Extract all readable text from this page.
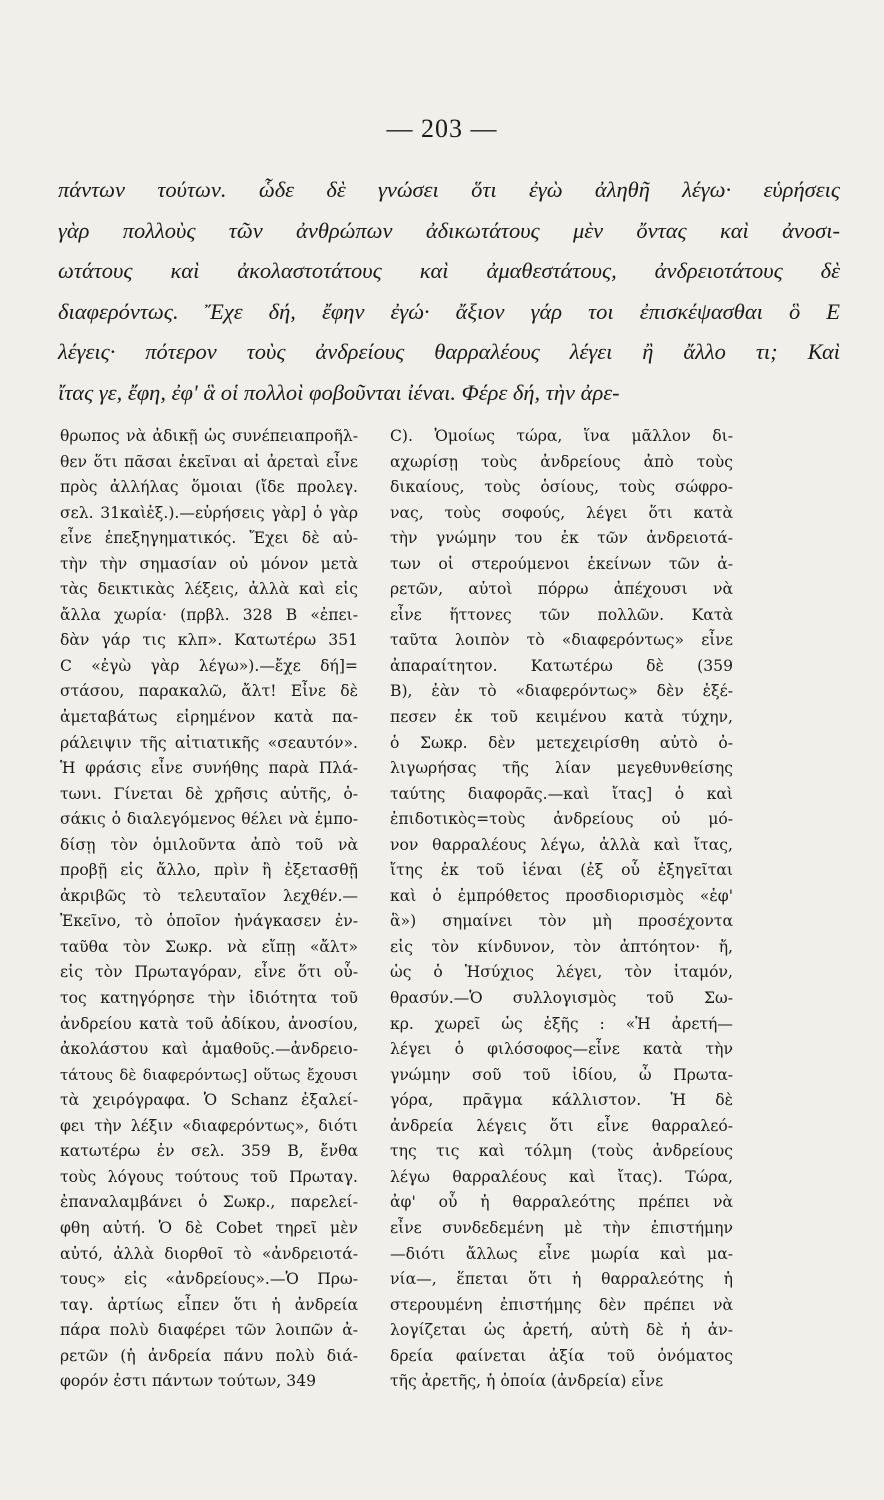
— 203 —
πάντων τούτων. ὧδε δὲ γνώσει ὅτι ἐγὼ ἀληθῆ λέγω· εὑρήσεις
γὰρ πολλοὺς τῶν ἀνθρώπων ἀδικωτάτους μὲν ὄντας καὶ ἀνοσι-
ωτάτους καὶ ἀκολαστοτάτους καὶ ἀμαθεστάτους, ἀνδρειοτάτους δὲ
διαφερόντως. Ἔχε δή, ἔφην ἐγώ· ἄξιον γάρ τοι ἐπισκέψασθαι ὃ E
λέγεις· πότερον τοὺς ἀνδρείους θαρραλέους λέγει ἢ ἄλλο τι; Καὶ
ἴτας γε, ἔφη, ἐφ' ἃ οἱ πολλοὶ φοβοῦνται ἰέναι. Φέρε δή, τὴν ἀρε-
θρωπος νὰ ἀδικῇ ὡς συνέπειαπροῆλ-
θεν ὅτι πᾶσαι ἐκεῖναι αἱ ἀρεταὶ εἶνε
πρὸς ἀλλήλας ὅμοιαι (ἴδε προλεγ.
σελ. 31καὶἑξ.).—εὑρήσεις γὰρ] ὁ γὰρ
εἶνε ἐπεξηγηματικός. Ἔχει δὲ αὐ-
τὴν τὴν σημασίαν οὐ μόνον μετὰ
τὰς δεικτικὰς λέξεις, ἀλλὰ καὶ εἰς
ἄλλα χωρία· (πρβλ. 328 B «ἐπει-
δὰν γάρ τις κλπ». Κατωτέρω 351
C «ἐγὼ γὰρ λέγω»).—ἔχε δή]=
στάσου, παρακαλῶ, ἄλτ! Εἶνε δὲ
ἀμεταβάτως εἰρημένον κατὰ πα-
ράλειψιν τῆς αἰτιατικῆς «σεαυτόν».
Ἡ φράσις εἶνε συνήθης παρὰ Πλά-
τωνι. Γίνεται δὲ χρῆσις αὐτῆς, ὁ-
σάκις ὁ διαλεγόμενος θέλει νὰ ἐμπο-
δίσῃ τὸν ὁμιλοῦντα ἀπὸ τοῦ νὰ
προβῇ εἰς ἄλλο, πρὶν ἢ ἐξετασθῇ
ἀκριβῶς τὸ τελευταῖον λεχθέν.—
Ἐκεῖνο, τὸ ὁποῖον ἠνάγκασεν ἐν-
ταῦθα τὸν Σωκρ. νὰ εἴπῃ «ἄλτ»
εἰς τὸν Πρωταγόραν, εἶνε ὅτι οὗ-
τος κατηγόρησε τὴν ἰδιότητα τοῦ
ἀνδρείου κατὰ τοῦ ἀδίκου, ἀνοσίου,
ἀκολάστου καὶ ἀμαθοῦς.—ἀνδρειο-
τάτους δὲ διαφερόντως] οὕτως ἔχουσι
τὰ χειρόγραφα. Ὁ Schanz ἐξαλεί-
φει τὴν λέξιν «διαφερόντως», διότι
κατωτέρω ἐν σελ. 359 B, ἔνθα
τοὺς λόγους τούτους τοῦ Πρωταγ.
ἐπαναλαμβάνει ὁ Σωκρ., παρελεί-
φθη αὐτή. Ὁ δὲ Cobet τηρεῖ μὲν
αὐτό, ἀλλὰ διορθοῖ τὸ «ἀνδρειοτά-
τους» εἰς «ἀνδρείους».—Ὁ Πρω-
ταγ. ἀρτίως εἶπεν ὅτι ἡ ἀνδρεία
πάρα πολὺ διαφέρει τῶν λοιπῶν ἀ-
ρετῶν (ἡ ἀνδρεία πάνυ πολὺ διά-
φορόν ἐστι πάντων τούτων, 349
C). Ὁμοίως τώρα, ἵνα μᾶλλον δι-
αχωρίσῃ τοὺς ἀνδρείους ἀπὸ τοὺς
δικαίους, τοὺς ὁσίους, τοὺς σώφρο-
νας, τοὺς σοφούς, λέγει ὅτι κατὰ
τὴν γνώμην του ἐκ τῶν ἀνδρειοτά-
των οἱ στερούμενοι ἐκείνων τῶν ἀ-
ρετῶν, αὐτοὶ πόρρω ἀπέχουσι νὰ
εἶνε ἥττονες τῶν πολλῶν. Κατὰ
ταῦτα λοιπὸν τὸ «διαφερόντως» εἶνε
ἀπαραίτητον. Κατωτέρω δὲ (359
B), ἐὰν τὸ «διαφερόντως» δὲν ἐξέ-
πεσεν ἐκ τοῦ κειμένου κατὰ τύχην,
ὁ Σωκρ. δὲν μετεχειρίσθη αὐτὸ ὀ-
λιγωρήσας τῆς λίαν μεγεθυνθείσης
ταύτης διαφορᾶς.—καὶ ἴτας] ὁ καὶ
ἐπιδοτικὸς=τοὺς ἀνδρείους οὐ μό-
νον θαρραλέους λέγω, ἀλλὰ καὶ ἴτας,
ἴτης ἐκ τοῦ ἰέναι (ἐξ οὗ ἐξηγεῖται
καὶ ὁ ἐμπρόθετος προσδιορισμὸς «ἐφ'
ἃ») σημαίνει τὸν μὴ προσέχοντα
εἰς τὸν κίνδυνον, τὸν ἀπτόητον· ἤ,
ὡς ὁ Ἡσύχιος λέγει, τὸν ἰταμόν,
θρασύν.—Ὁ συλλογισμὸς τοῦ Σω-
κρ. χωρεῖ ὡς ἑξῆς : «Ἡ ἀρετή—
λέγει ὁ φιλόσοφος—εἶνε κατὰ τὴν
γνώμην σοῦ τοῦ ἰδίου, ὦ Πρωτα-
γόρα, πρᾶγμα κάλλιστον. Ἡ δὲ
ἀνδρεία λέγεις ὅτι εἶνε θαρραλεό-
της τις καὶ τόλμη (τοὺς ἀνδρείους
λέγω θαρραλέους καὶ ἴτας). Τώρα,
ἀφ' οὗ ἡ θαρραλεότης πρέπει νὰ
εἶνε συνδεδεμένη μὲ τὴν ἐπιστήμην
—διότι ἄλλως εἶνε μωρία καὶ μα-
νία—, ἕπεται ὅτι ἡ θαρραλεότης ἡ
στερουμένη ἐπιστήμης δὲν πρέπει νὰ
λογίζεται ὡς ἀρετή, αὐτὴ δὲ ἡ ἀν-
δρεία φαίνεται ἀξία τοῦ ὀνόματος
τῆς ἀρετῆς, ἡ ὁποία (ἀνδρεία) εἶνε
